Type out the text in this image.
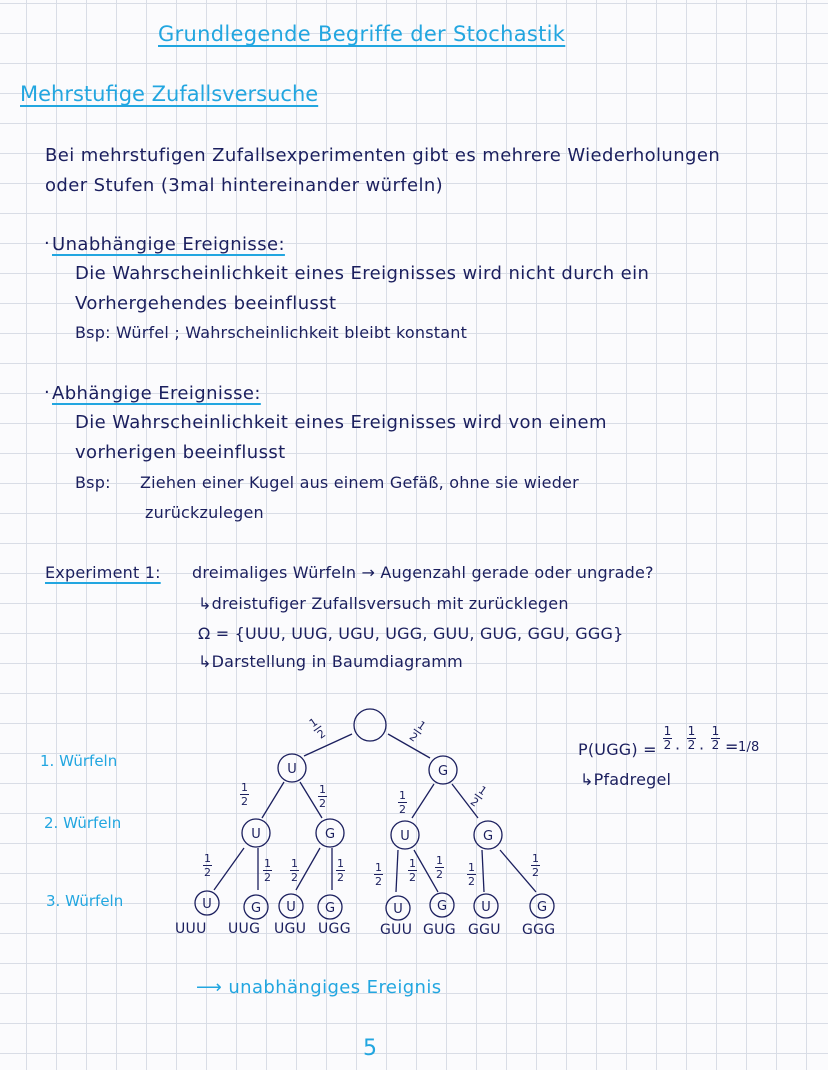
Grundlegende Begriffe der Stochastik
Mehrstufige Zufallsversuche
Bei mehrstufigen Zufallsexperimenten gibt es mehrere Wiederholungen
oder Stufen (3mal hintereinander würfeln)
· Unabhängige Ereignisse:
Die Wahrscheinlichkeit eines Ereignisses wird nicht durch ein
Vorhergehendes beeinflusst
Bsp: Würfel ; Wahrscheinlichkeit bleibt konstant
· Abhängige Ereignisse:
Die Wahrscheinlichkeit eines Ereignisses wird von einem
vorherigen beeinflusst
Bsp: Ziehen einer Kugel aus einem Gefäß, ohne sie wieder
zurückzulegen
Experiment 1: dreimaliges Würfeln → Augenzahl gerade oder ungrade?
↳dreistufiger Zufallsversuch mit zurücklegen
Ω = {UUU, UUG, UGU, UGG, GUU, GUG, GGU, GGG}
↳Darstellung in Baumdiagramm
1. Würfeln
2. Würfeln
3. Würfeln
U	G
U	G	U	G
U	G U G	U	G	U	G
1
2
1
2
1
2
1
2
1
2
1
2
1
2
1
2
1
2
1
2
1
2
1
2
1
2
1
2
1
2
UUU UUG UGU UGG GUU GUG GGU GGG
P(UGG) =
1
2 ·
1
2 ·
1
2 = 1/8
↳Pfadregel
⟶ unabhängiges Ereignis
5
